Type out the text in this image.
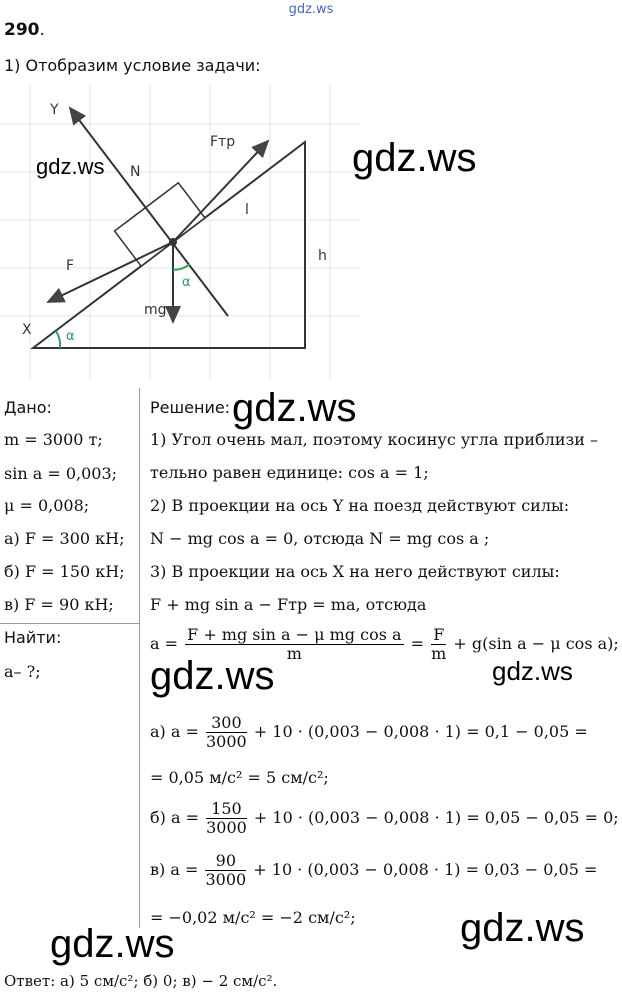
gdz.ws
290.
1) Отобразим условие задачи:
Y
N
Fтр
l
F
h
mg
α
α
X
gdz.ws	gdz.ws
Дано:
m = 3000 т;
sin a = 0,003;
μ = 0,008;
а) F = 300 кН;
б) F = 150 кН;
в) F = 90 кН;
Найти:
a– ?;
Решение: gdz.ws
1) Угол очень мал, поэтому косинус угла приблизи –
тельно равен единице: cos a = 1;
2) В проекции на ось Y на поезд действуют силы:
N − mg cos a = 0, отсюда N = mg cos a ;
3) В проекции на ось X на него действуют силы:
F + mg sin a − Fтр = ma, отсюда
$a = \frac{\text{F + mg sin a − μ mg cos a}}{m} = \frac{F}{m} + g(\sin$ a − μ cos a);
gdz.ws	gdz.ws
а) $a = \frac{300}{3000} + 10 \cdot (0,003 - 0,008 \cdot 1) = 0,1 - 0,05$ =
= 0,05 м/с² = 5 см/с²;
б) $a = \frac{150}{3000} + 10 \cdot (0,003 - 0,008 \cdot 1) = 0,05 - 0,05 = 0$;
в) $a = \frac{90}{3000} + 10 \cdot (0,003 - 0,008 \cdot 1) = 0,03 - 0,05$ =
= −0,02 м/с² = −2 см/с²;
gdz.ws	gdz.ws
Ответ: а) 5 см/с²; б) 0; в) − 2 см/с².
